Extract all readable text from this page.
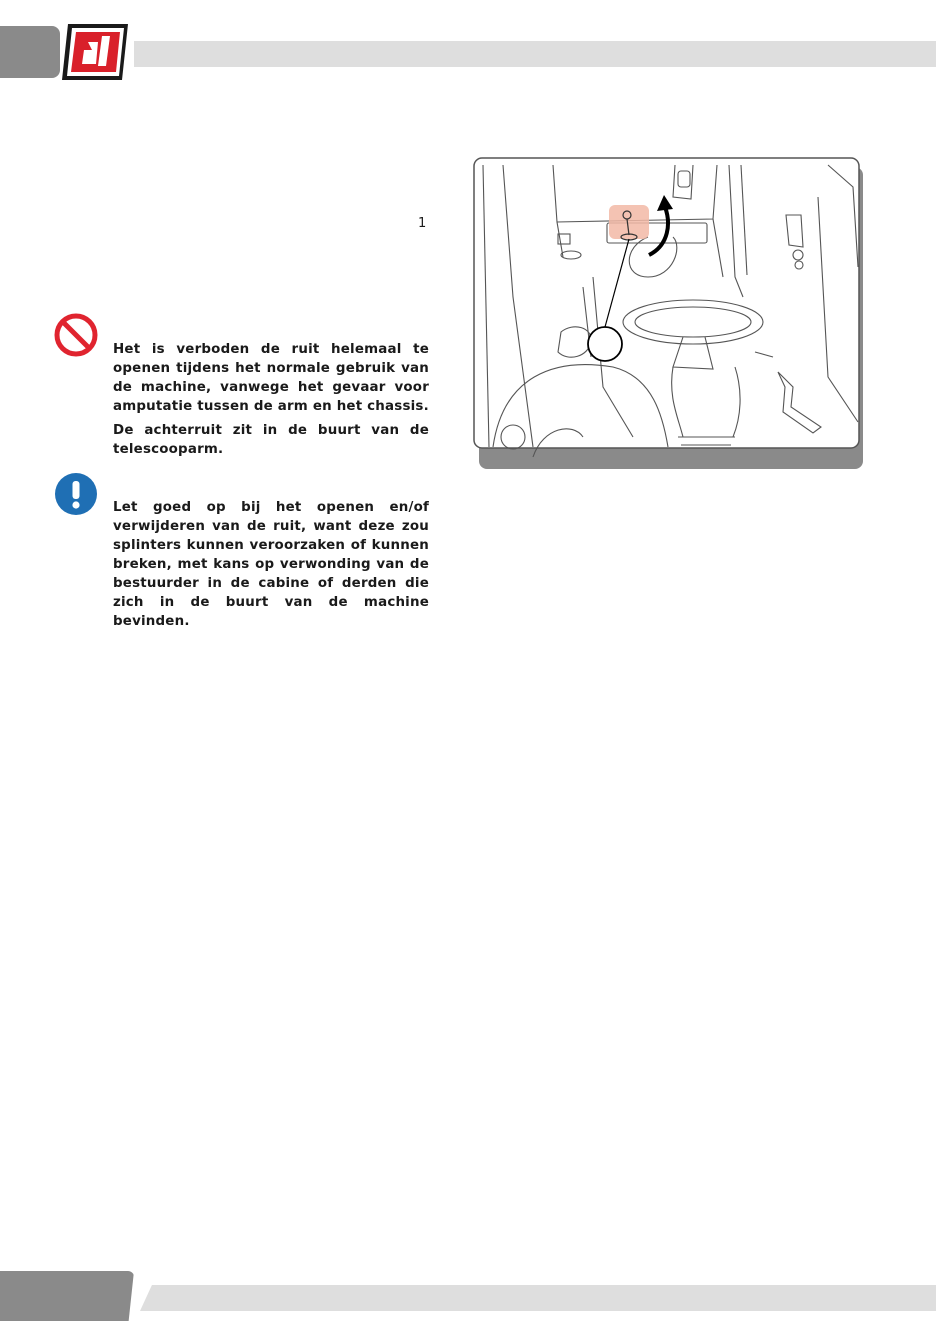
1

Het is verboden de ruit helemaal te openen tijdens het normale gebruik van de machine, vanwege het gevaar voor amputatie tussen de arm en het chassis.

De achterruit zit in de buurt van de telescooparm.

Let goed op bij het openen en/of verwijderen van de ruit, want deze zou splinters kunnen veroorzaken of kunnen breken, met kans op verwonding van de bestuurder in de cabine of derden die zich in de buurt van de machine bevinden.
